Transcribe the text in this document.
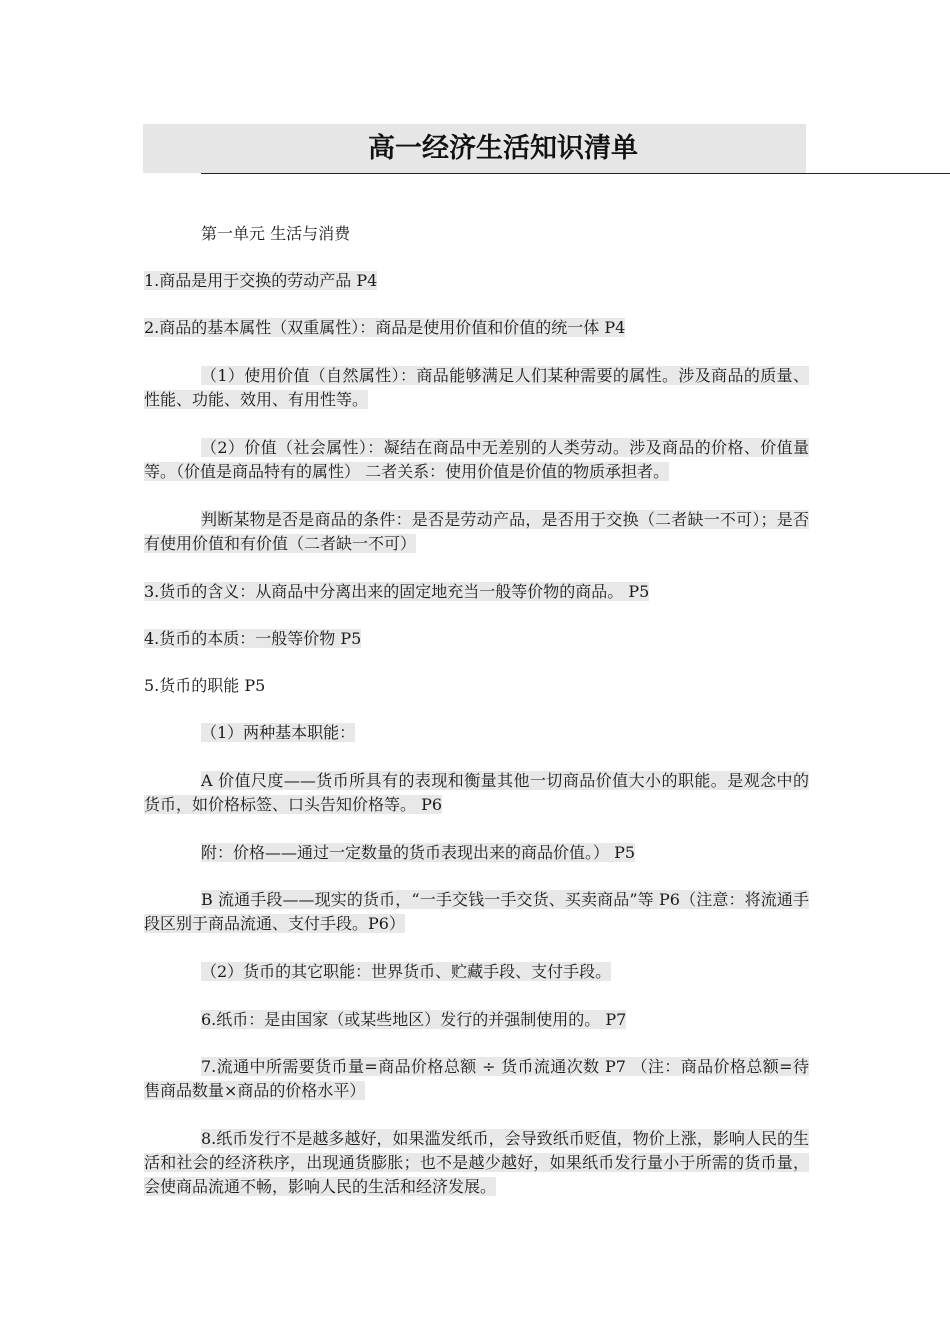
高一经济生活知识清单

第一单元 生活与消费

1.商品是用于交换的劳动产品 P4

2.商品的基本属性（双重属性）：商品是使用价值和价值的统一体 P4

（1）使用价值（自然属性）：商品能够满足人们某种需要的属性。涉及商品的质量、性能、功能、效用、有用性等。

（2）价值（社会属性）：凝结在商品中无差别的人类劳动。涉及商品的价格、价值量等。（价值是商品特有的属性） 二者关系：使用价值是价值的物质承担者。

判断某物是否是商品的条件：是否是劳动产品，是否用于交换（二者缺一不可）；是否有使用价值和有价值（二者缺一不可）

3.货币的含义：从商品中分离出来的固定地充当一般等价物的商品。 P5

4.货币的本质：一般等价物 P5

5.货币的职能 P5

（1）两种基本职能：

A 价值尺度——货币所具有的表现和衡量其他一切商品价值大小的职能。是观念中的货币，如价格标签、口头告知价格等。 P6

附：价格——通过一定数量的货币表现出来的商品价值。） P5

B 流通手段——现实的货币，“一手交钱一手交货、买卖商品”等 P6（注意：将流通手段区别于商品流通、支付手段。P6）

（2）货币的其它职能：世界货币、贮藏手段、支付手段。

6.纸币：是由国家（或某些地区）发行的并强制使用的。 P7

7.流通中所需要货币量=商品价格总额 ÷ 货币流通次数 P7 （注：商品价格总额=待售商品数量×商品的价格水平）

8.纸币发行不是越多越好，如果滥发纸币，会导致纸币贬值，物价上涨，影响人民的生活和社会的经济秩序，出现通货膨胀；也不是越少越好，如果纸币发行量小于所需的货币量，会使商品流通不畅，影响人民的生活和经济发展。
